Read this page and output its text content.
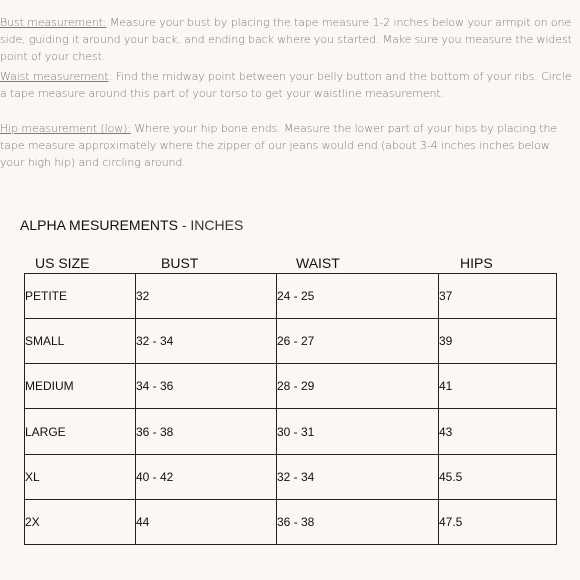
Bust measurement: Measure your bust by placing the tape measure 1-2 inches below your armpit on one side, guiding it around your back, and ending back where you started. Make sure you measure the widest point of your chest.
Waist measurement: Find the midway point between your belly button and the bottom of your ribs. Circle a tape measure around this part of your torso to get your waistline measurement.
Hip measurement (low): Where your hip bone ends. Measure the lower part of your hips by placing the tape measure approximately where the zipper of our jeans would end (about 3-4 inches inches below your high hip) and circling around.
ALPHA MESUREMENTS - INCHES
US SIZE	BUST	WAIST	HIPS
PETITE	32	24 - 25	37
SMALL	32 - 34	26 - 27	39
MEDIUM	34 - 36	28 - 29	41
LARGE	36 - 38	30 - 31	43
XL	40 - 42	32 - 34	45.5
2X	44	36 - 38	47.5
